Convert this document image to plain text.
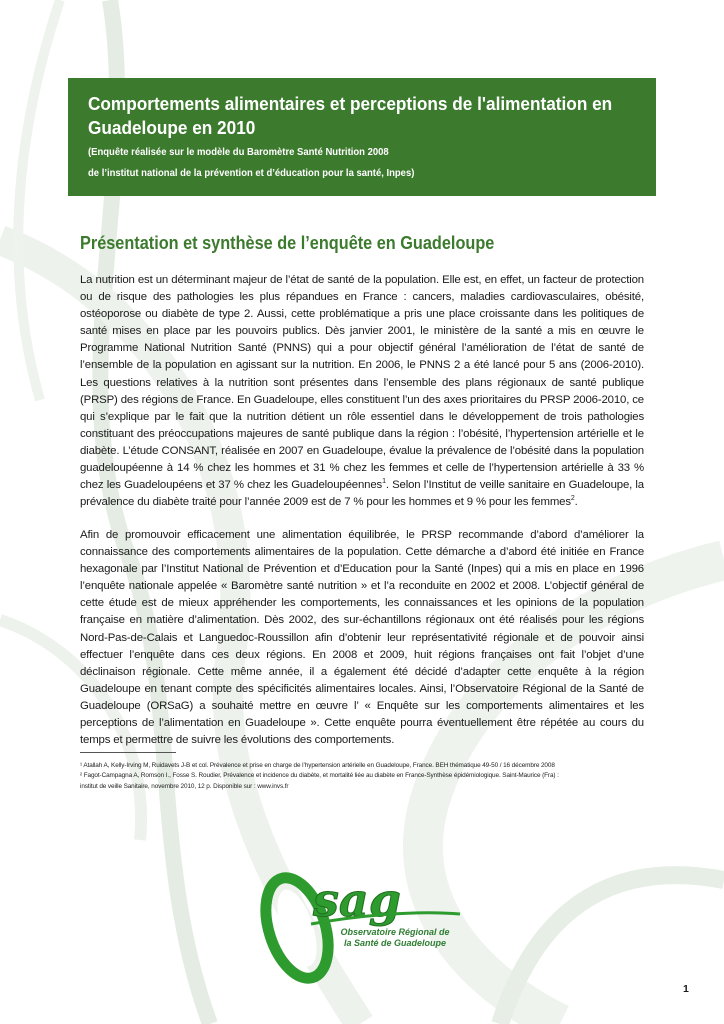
Comportements alimentaires et perceptions de l'alimentation en Guadeloupe en 2010

(Enquête réalisée sur le modèle du Baromètre Santé Nutrition 2008

de l’institut national de la prévention et d’éducation pour la santé, Inpes)

Présentation et synthèse de l’enquête en Guadeloupe

La nutrition est un déterminant majeur de l’état de santé de la population. Elle est, en effet, un facteur de protection ou de risque des pathologies les plus répandues en France : cancers, maladies cardiovasculaires, obésité, ostéoporose ou diabète de type 2. Aussi, cette problématique a pris une place croissante dans les politiques de santé mises en place par les pouvoirs publics. Dès janvier 2001, le ministère de la santé a mis en œuvre le Programme National Nutrition Santé (PNNS) qui a pour objectif général l’amélioration de l’état de santé de l’ensemble de la population en agissant sur la nutrition. En 2006, le PNNS 2 a été lancé pour 5 ans (2006-2010). Les questions relatives à la nutrition sont présentes dans l’ensemble des plans régionaux de santé publique (PRSP) des régions de France. En Guadeloupe, elles constituent l’un des axes prioritaires du PRSP 2006-2010, ce qui s’explique par le fait que la nutrition détient un rôle essentiel dans le développement de trois pathologies constituant des préoccupations majeures de santé publique dans la région : l’obésité, l’hypertension artérielle et le diabète. L’étude CONSANT, réalisée en 2007 en Guadeloupe, évalue la prévalence de l’obésité dans la population guadeloupéenne à 14 % chez les hommes et 31 % chez les femmes et celle de l’hypertension artérielle à 33 % chez les Guadeloupéens et 37 % chez les Guadeloupéennes$^1$. Selon l’Institut de veille sanitaire en Guadeloupe, la prévalence du diabète traité pour l’année 2009 est de 7 % pour les hommes et 9 % pour les femmes$^2$.

Afin de promouvoir efficacement une alimentation équilibrée, le PRSP recommande d’abord d’améliorer la connaissance des comportements alimentaires de la population. Cette démarche a d’abord été initiée en France hexagonale par l’Institut National de Prévention et d’Education pour la Santé (Inpes) qui a mis en place en 1996 l’enquête nationale appelée « Baromètre santé nutrition » et l’a reconduite en 2002 et 2008. L’objectif général de cette étude est de mieux appréhender les comportements, les connaissances et les opinions de la population française en matière d’alimentation. Dès 2002, des sur-échantillons régionaux ont été réalisés pour les régions Nord-Pas-de-Calais et Languedoc-Roussillon afin d’obtenir leur représentativité régionale et de pouvoir ainsi effectuer l’enquête dans ces deux régions. En 2008 et 2009, huit régions françaises ont fait l’objet d’une déclinaison régionale. Cette même année, il a également été décidé d’adapter cette enquête à la région Guadeloupe en tenant compte des spécificités alimentaires locales. Ainsi, l’Observatoire Régional de la Santé de Guadeloupe (ORSaG) a souhaité mettre en œuvre l’ « Enquête sur les comportements alimentaires et les perceptions de l’alimentation en Guadeloupe ». Cette enquête pourra éventuellement être répétée au cours du temps et permettre de suivre les évolutions des comportements.

¹ Atallah A, Kelly-Irving M, Ruidavets J-B et col. Prévalence et prise en charge de l’hypertension artérielle en Guadeloupe, France. BEH thématique 49-50 / 16 décembre 2008

² Fagot-Campagna A, Romson I., Fosse S. Roudier, Prévalence et incidence du diabète, et mortalité liée au diabète en France-Synthèse épidémiologique. Saint-Maurice (Fra) :
institut de veille Sanitaire, novembre 2010, 12 p. Disponible sur : www.invs.fr

sag
Observatoire Régional de
la Santé de Guadeloupe
1
